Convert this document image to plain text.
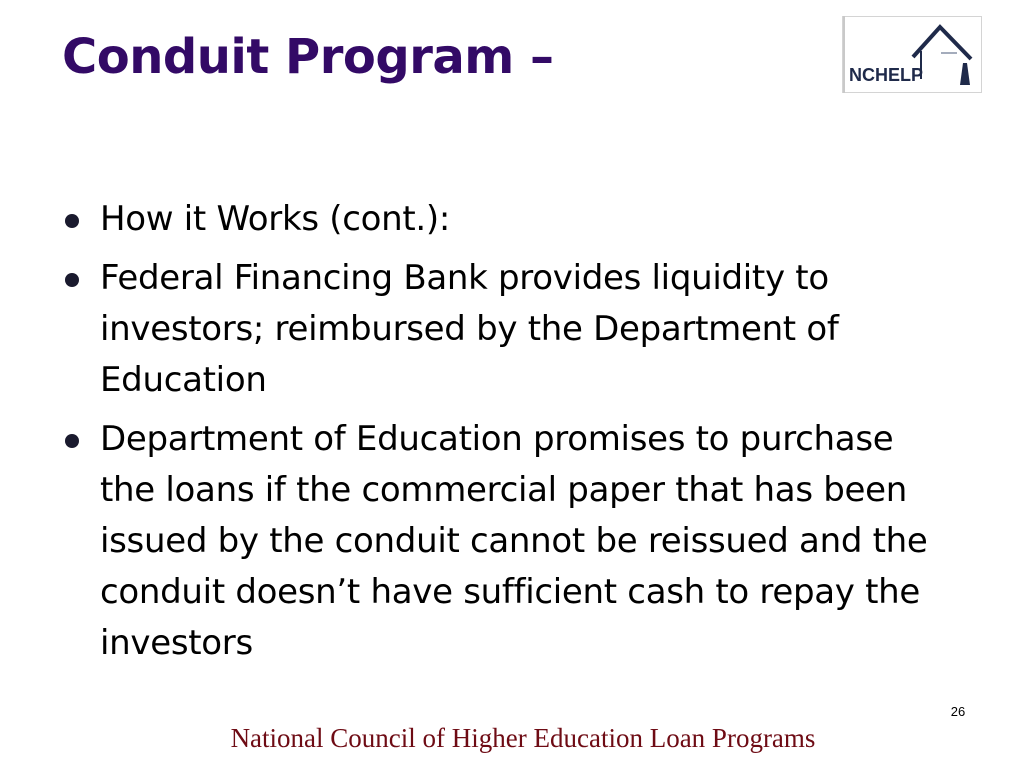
Conduit Program –	NCHELP
How it Works (cont.):
Federal Financing Bank provides liquidity to investors; reimbursed by the Department of Education
Department of Education promises to purchase the loans if the commercial paper that has been issued by the conduit cannot be reissued and the conduit doesn’t have sufficient cash to repay the investors
26
National Council of Higher Education Loan Programs
